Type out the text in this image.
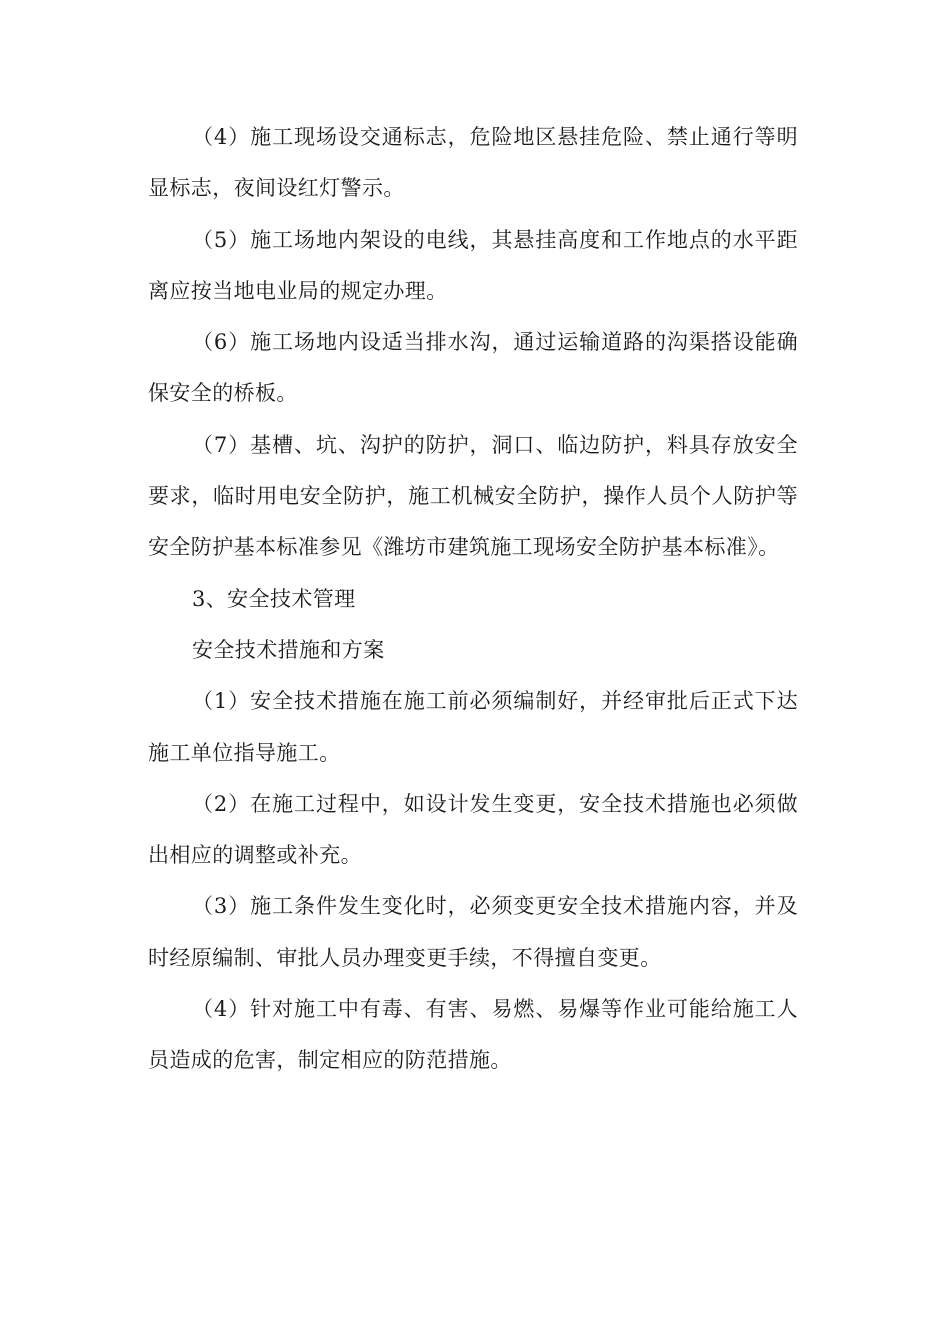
（4）施工现场设交通标志，危险地区悬挂危险、禁止通行等明显标志，夜间设红灯警示。

（5）施工场地内架设的电线，其悬挂高度和工作地点的水平距离应按当地电业局的规定办理。

（6）施工场地内设适当排水沟，通过运输道路的沟渠搭设能确保安全的桥板。

（7）基槽、坑、沟护的防护，洞口、临边防护，料具存放安全要求，临时用电安全防护，施工机械安全防护，操作人员个人防护等安全防护基本标准参见《潍坊市建筑施工现场安全防护基本标准》。

3、安全技术管理

安全技术措施和方案

（1）安全技术措施在施工前必须编制好，并经审批后正式下达施工单位指导施工。

（2）在施工过程中，如设计发生变更，安全技术措施也必须做出相应的调整或补充。

（3）施工条件发生变化时，必须变更安全技术措施内容，并及时经原编制、审批人员办理变更手续，不得擅自变更。

（4）针对施工中有毒、有害、易燃、易爆等作业可能给施工人员造成的危害，制定相应的防范措施。
